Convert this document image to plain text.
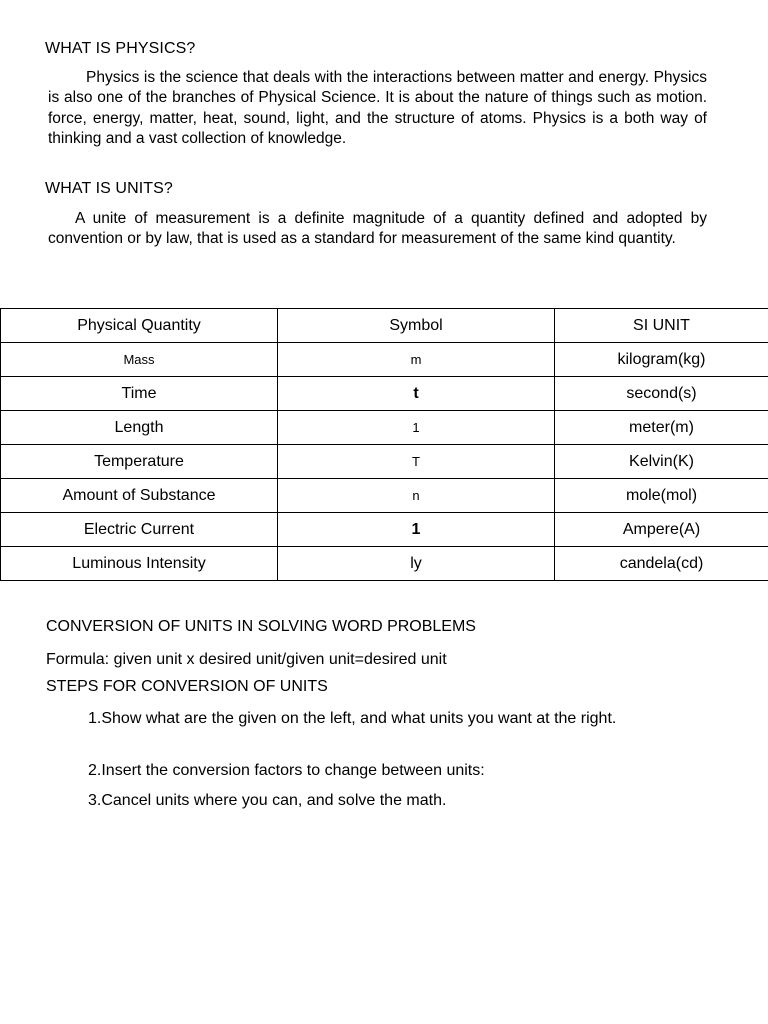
WHAT IS PHYSICS?
Physics is the science that deals with the interactions between matter and energy. Physics is also one of the branches of Physical Science. It is about the nature of things such as motion. force, energy, matter, heat, sound, light, and the structure of atoms. Physics is a both way of thinking and a vast collection of knowledge.
WHAT IS UNITS?
A unite of measurement is a definite magnitude of a quantity defined and adopted by convention or by law, that is used as a standard for measurement of the same kind quantity.
Physical Quantity	Symbol	SI UNIT
Mass	m	kilogram(kg)
Time	t	second(s)
Length	1	meter(m)
Temperature	T	Kelvin(K)
Amount of Substance	n	mole(mol)
Electric Current	1	Ampere(A)
Luminous Intensity	ly	candela(cd)
CONVERSION OF UNITS IN SOLVING WORD PROBLEMS
Formula: given unit x desired unit/given unit=desired unit
STEPS FOR CONVERSION OF UNITS
1.Show what are the given on the left, and what units you want at the right.
2.Insert the conversion factors to change between units:
3.Cancel units where you can, and solve the math.
